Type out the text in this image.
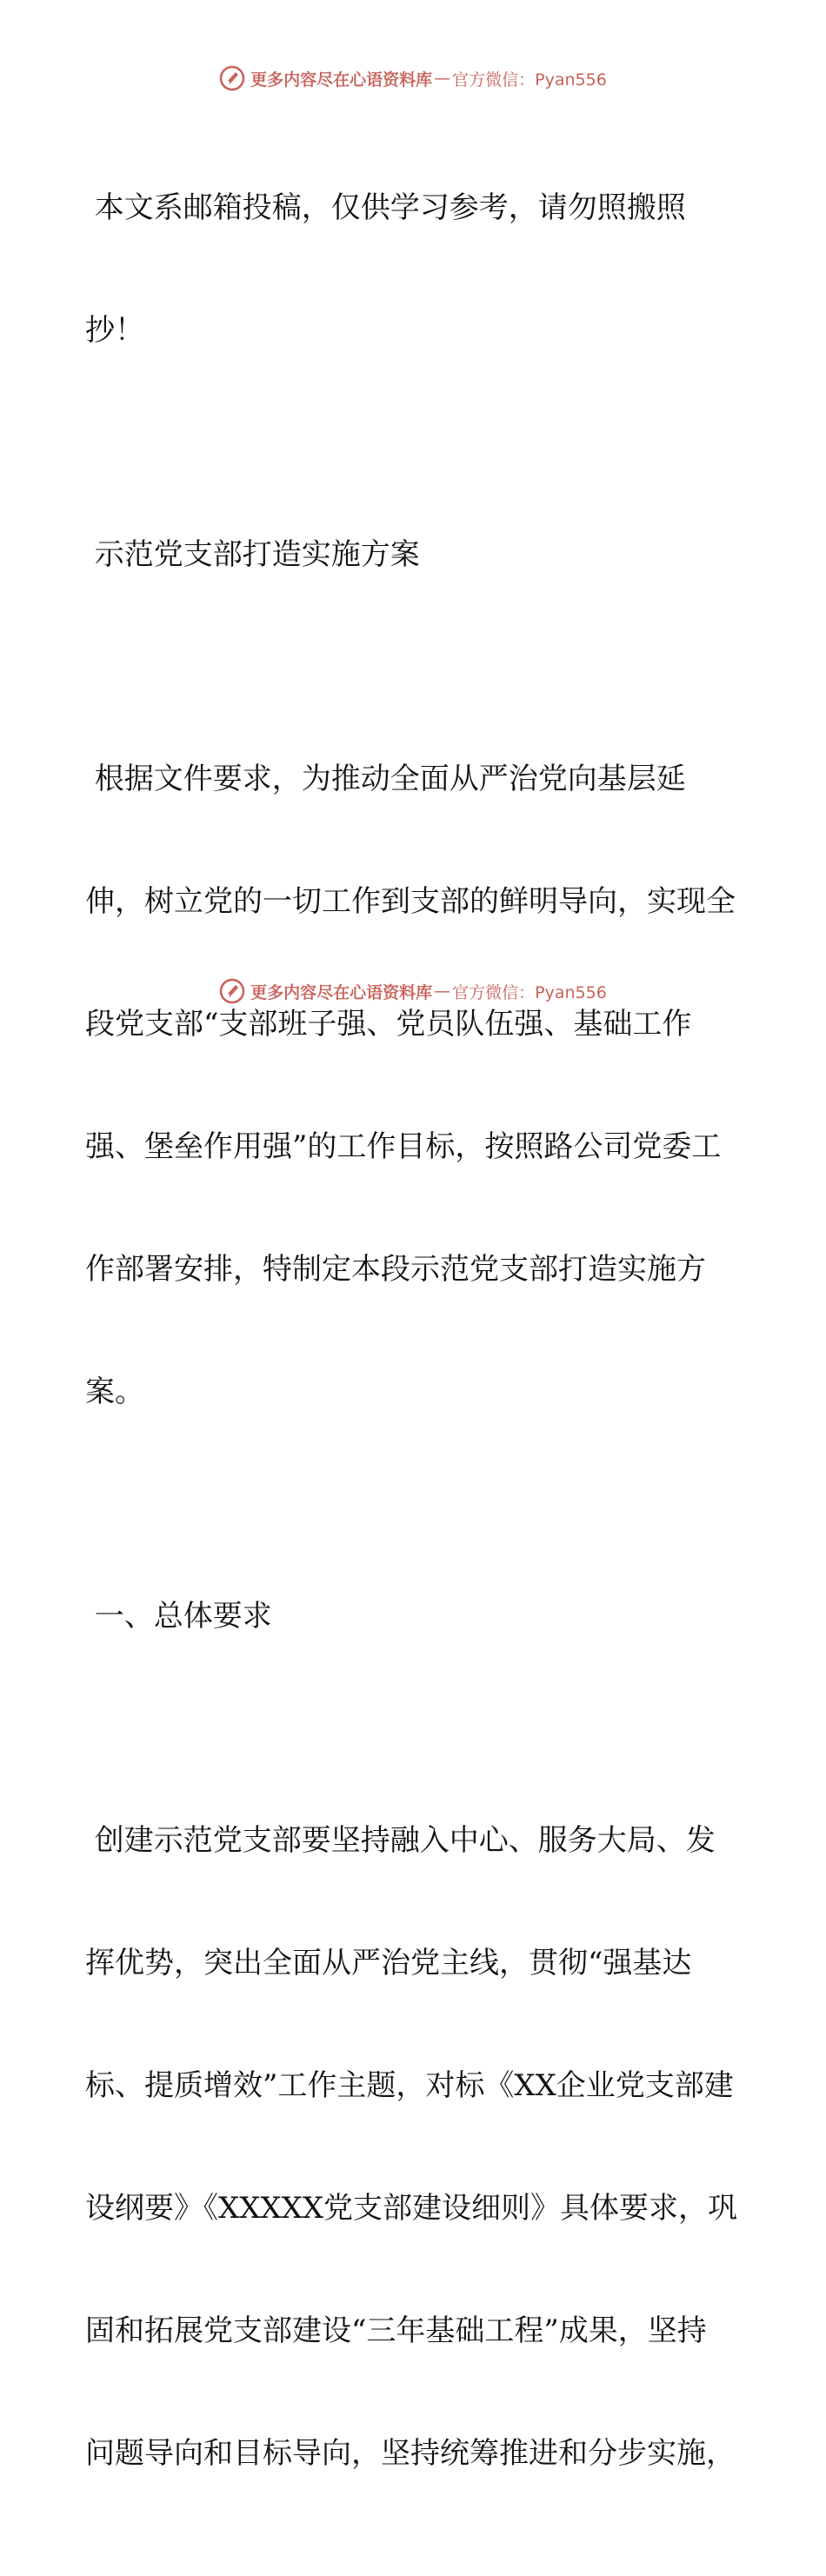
更多内容尽在心语资料库 — 官方微信：Pyan556

本文系邮箱投稿，仅供学习参考，请勿照搬照

抄！

示范党支部打造实施方案

根据文件要求，为推动全面从严治党向基层延

伸，树立党的一切工作到支部的鲜明导向，实现全

段党支部“支部班子强、党员队伍强、基础工作

强、堡垒作用强”的工作目标，按照路公司党委工

作部署安排，特制定本段示范党支部打造实施方

案。

一、总体要求

创建示范党支部要坚持融入中心、服务大局、发

挥优势，突出全面从严治党主线，贯彻“强基达

标、提质增效”工作主题，对标《XX企业党支部建

设纲要》《XXXXX党支部建设细则》具体要求，巩

固和拓展党支部建设“三年基础工程”成果，坚持

问题导向和目标导向，坚持统筹推进和分步实施，

更多内容尽在心语资料库 — 官方微信：Pyan556
